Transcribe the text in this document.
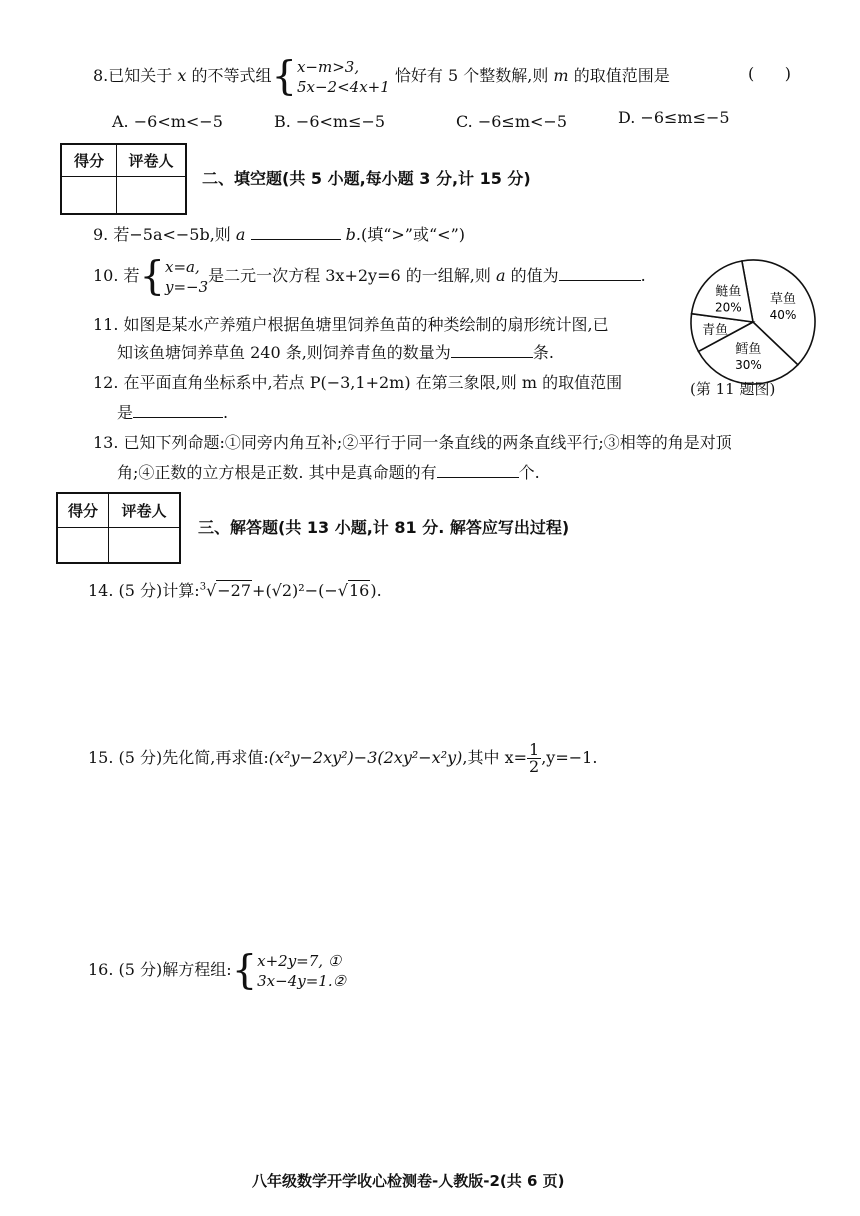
8.已知关于 x 的不等式组{ x−m>3,
5x−2<4x+1
恰好有 5 个整数解,则 m 的取值范围是	(      )
A. −6<m<−5	B. −6<m≤−5	C. −6≤m<−5	D. −6≤m≤−5
得分	评卷人

二、填空题(共 5 小题,每小题 3 分,计 15 分)
9. 若−5a<−5b,则 a	b.(填“>”或“<”)
10. 若{ x=a,
y=−3
是二元一次方程 3x+2y=6 的一组解,则 a 的值为	.
草鱼
40%
鳕鱼
30%
青鱼
鲢鱼
20%
(第 11 题图)
11. 如图是某水产养殖户根据鱼塘里饲养鱼苗的种类绘制的扇形统计图,已
知该鱼塘饲养草鱼 240 条,则饲养青鱼的数量为	条.
12. 在平面直角坐标系中,若点 P(−3,1+2m) 在第三象限,则 m 的取值范围
是	.
13. 已知下列命题:①同旁内角互补;②平行于同一条直线的两条直线平行;③相等的角是对顶
角;④正数的立方根是正数. 其中是真命题的有	个.
得分	评卷人

三、解答题(共 13 小题,计 81 分. 解答应写出过程)
14. (5 分)计算:$^3$√−27+(√2)²−(−√16).
15. (5 分)先化简,再求值:(x²y−2xy²)−3(2xy²−x²y),其中 $x= \frac{1}{2} ,y=-1$.
16. (5 分)解方程组:{ x+2y=7, ①
3x−4y=1.②
八年级数学开学收心检测卷-人教版-2(共 6 页)
